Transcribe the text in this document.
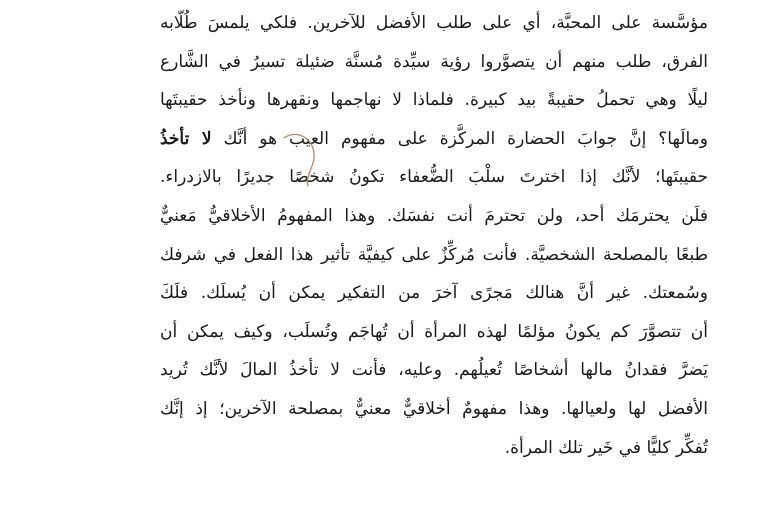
مؤسَّسة على المحبَّة، أي على طلب الأفضل للآخرين. فلكي يلمسَ طُلّابه
الفرق، طلب منهم أن يتصوَّروا رؤية سيِّدة مُسنَّة ضئيلة تسيرُ في الشَّارع
ليلًا وهي تحملُ حقيبةً بيد كبيرة. فلماذا لا نهاجمها ونقهرها ونأخذ حقيبتَها
ومالَها؟ إنَّ جوابَ الحضارة المركَّزة على مفهوم العيب هو أنَّك لا تأخذُ
حقيبتَها؛ لأنَّك إذا اخترتَ سلْبَ الضُّعفاء تكونُ شخصًا جديرًا بالازدراء.
فلَن يحترمَك أحد، ولن تحترمَ أنت نفسَك. وهذا المفهومُ الأخلاقيُّ مَعنيٌّ
طبعًا بالمصلحة الشخصيَّة. فأنت مُركِّزٌ على كيفيَّة تأثير هذا الفعل في شرفك
وسُمعتك. غير أنَّ هنالك مَجرًى آخرَ من التفكير يمكن أن يُسلَك. فلَكَ
أن تتصوَّرَ كم يكونُ مؤلمًا لهذه المرأة أن تُهاجَم وتُسلَب، وكيف يمكن أن
يَضرَّ فقدانُ مالها أشخاصًا تُعيلُهم. وعليه، فأنت لا تأخذُ المالَ لأنَّك تُريد
الأفضل لها ولعيالها. وهذا مفهومٌ أخلاقيٌّ معنيٌّ بمصلحة الآخرين؛ إذ إنَّك
تُفكِّر كليًّا في خَير تلك المرأة.
